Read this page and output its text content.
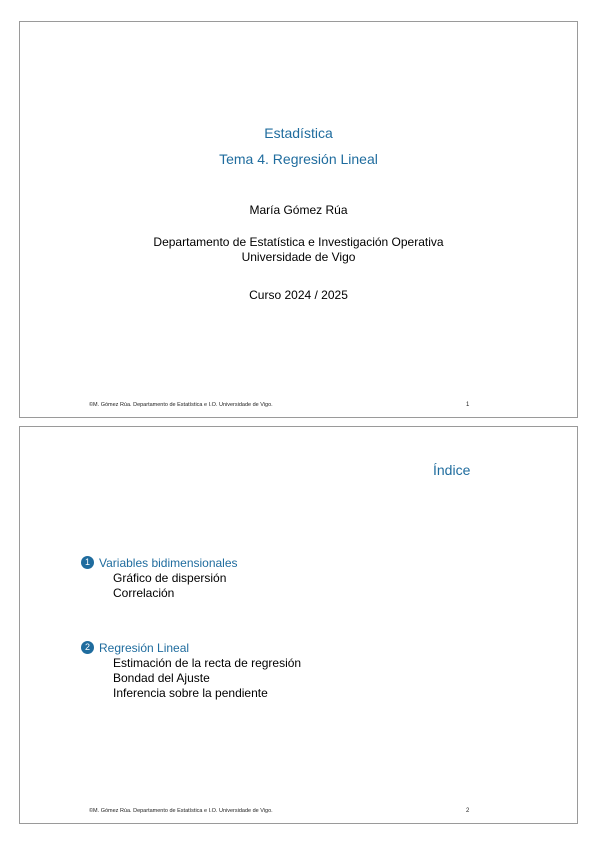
Estadística
Tema 4. Regresión Lineal
María Gómez Rúa
Departamento de Estatística e Investigación Operativa
Universidade de Vigo
Curso 2024 / 2025
©M. Gómez Rúa. Departamento de Estatística e I.O. Universidade de Vigo.	1
Índice
1 Variables bidimensionales
Gráfico de dispersión
Correlación
2 Regresión Lineal
Estimación de la recta de regresión
Bondad del Ajuste
Inferencia sobre la pendiente
©M. Gómez Rúa. Departamento de Estatística e I.O. Universidade de Vigo.	2
